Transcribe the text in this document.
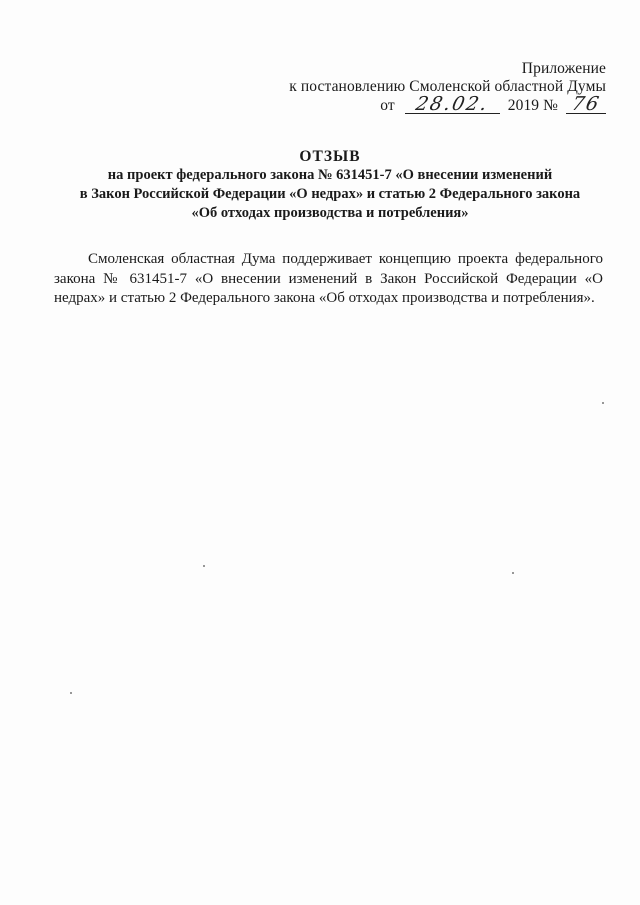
Приложение
к постановлению Смоленской областной Думы
от 28.02. 2019 № 76
ОТЗЫВ
на проект федерального закона № 631451-7 «О внесении изменений
в Закон Российской Федерации «О недрах» и статью 2 Федерального закона
«Об отходах производства и потребления»

Смоленская областная Дума поддерживает концепцию проекта федерального закона № 631451-7 «О внесении изменений в Закон Российской Федерации «О недрах» и статью 2 Федерального закона «Об отходах производства и потребления».
